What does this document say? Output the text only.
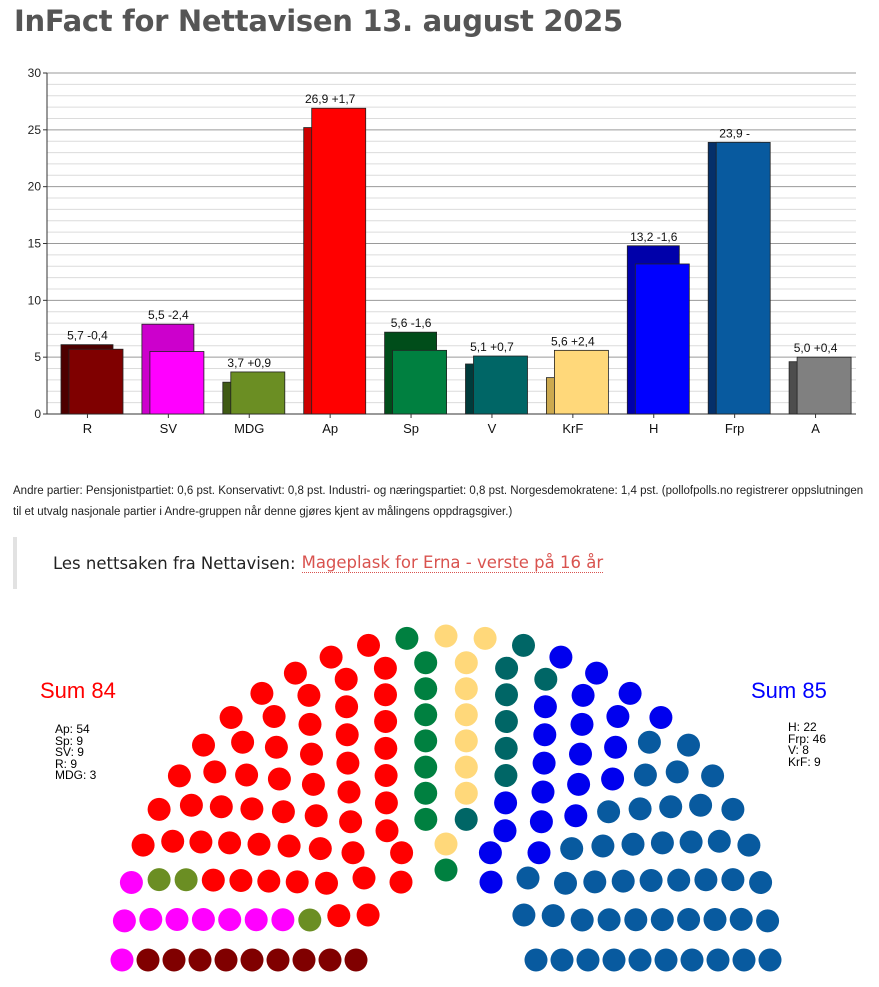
InFact for Nettavisen 13. august 2025
0
5
10
15
20
25
30
5,7 -0,4
R
5,5 -2,4
SV
3,7 +0,9
MDG
26,9 +1,7
Ap
5,6 -1,6
Sp
5,1 +0,7
V
5,6 +2,4
KrF
13,2 -1,6
H
23,9 -
Frp
5,0 +0,4
A

Andre partier: Pensjonistpartiet: 0,6 pst. Konservativt: 0,8 pst. Industri- og næringspartiet: 0,8 pst. Norgesdemokratene: 1,4 pst. (pollofpolls.no registrerer oppslutningen til et utvalg nasjonale partier i Andre-gruppen når denne gjøres kjent av målingens oppdragsgiver.)

Les nettsaken fra Nettavisen: Mageplask for Erna - verste på 16 år
Sum 84	Sum 85
Ap: 54
Sp: 9
SV: 9
R: 9
MDG: 3
H: 22
Frp: 46
V: 8
KrF: 9
